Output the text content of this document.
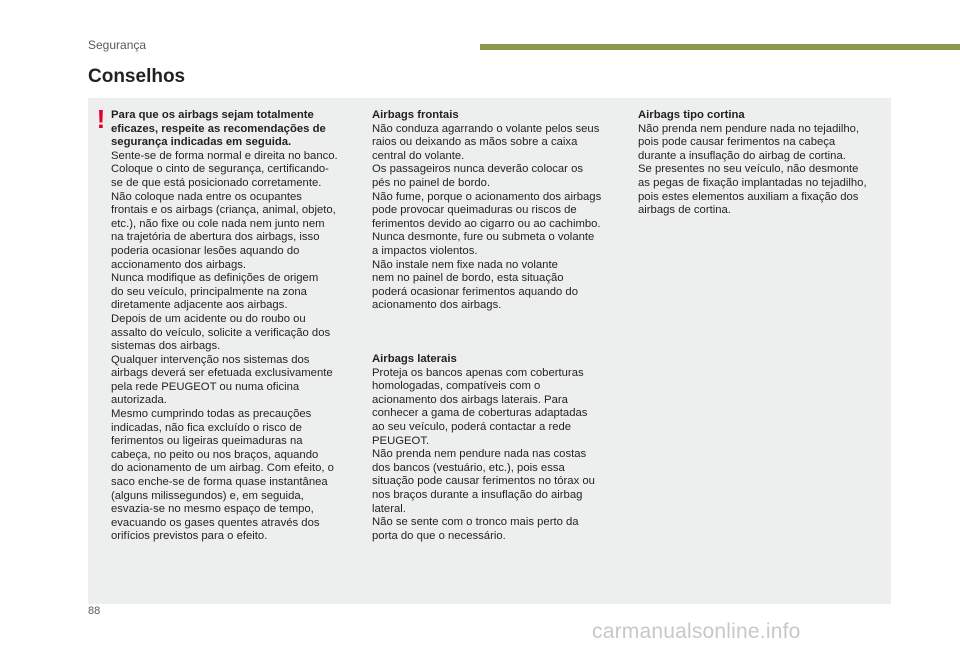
Segurança
Conselhos
! Para que os airbags sejam totalmente
eficazes, respeite as recomendações de
segurança indicadas em seguida.

Sente-se de forma normal e direita no banco.
Coloque o cinto de segurança, certificando-
se de que está posicionado corretamente.
Não coloque nada entre os ocupantes
frontais e os airbags (criança, animal, objeto,
etc.), não fixe ou cole nada nem junto nem
na trajetória de abertura dos airbags, isso
poderia ocasionar lesões aquando do
accionamento dos airbags.
Nunca modifique as definições de origem
do seu veículo, principalmente na zona
diretamente adjacente aos airbags.
Depois de um acidente ou do roubo ou
assalto do veículo, solicite a verificação dos
sistemas dos airbags.
Qualquer intervenção nos sistemas dos
airbags deverá ser efetuada exclusivamente
pela rede PEUGEOT ou numa oficina
autorizada.
Mesmo cumprindo todas as precauções
indicadas, não fica excluído o risco de
ferimentos ou ligeiras queimaduras na
cabeça, no peito ou nos braços, aquando
do acionamento de um airbag. Com efeito, o
saco enche-se de forma quase instantânea
(alguns milissegundos) e, em seguida,
esvazia-se no mesmo espaço de tempo,
evacuando os gases quentes através dos
orifícios previstos para o efeito.

Airbags frontais

Não conduza agarrando o volante pelos seus
raios ou deixando as mãos sobre a caixa
central do volante.
Os passageiros nunca deverão colocar os
pés no painel de bordo.
Não fume, porque o acionamento dos airbags
pode provocar queimaduras ou riscos de
ferimentos devido ao cigarro ou ao cachimbo.
Nunca desmonte, fure ou submeta o volante
a impactos violentos.
Não instale nem fixe nada no volante
nem no painel de bordo, esta situação
poderá ocasionar ferimentos aquando do
acionamento dos airbags.

Airbags laterais

Proteja os bancos apenas com coberturas
homologadas, compatíveis com o
acionamento dos airbags laterais. Para
conhecer a gama de coberturas adaptadas
ao seu veículo, poderá contactar a rede
PEUGEOT.
Não prenda nem pendure nada nas costas
dos bancos (vestuário, etc.), pois essa
situação pode causar ferimentos no tórax ou
nos braços durante a insuflação do airbag
lateral.
Não se sente com o tronco mais perto da
porta do que o necessário.

Airbags tipo cortina

Não prenda nem pendure nada no tejadilho,
pois pode causar ferimentos na cabeça
durante a insuflação do airbag de cortina.
Se presentes no seu veículo, não desmonte
as pegas de fixação implantadas no tejadilho,
pois estes elementos auxiliam a fixação dos
airbags de cortina.

88
carmanualsonline.info
